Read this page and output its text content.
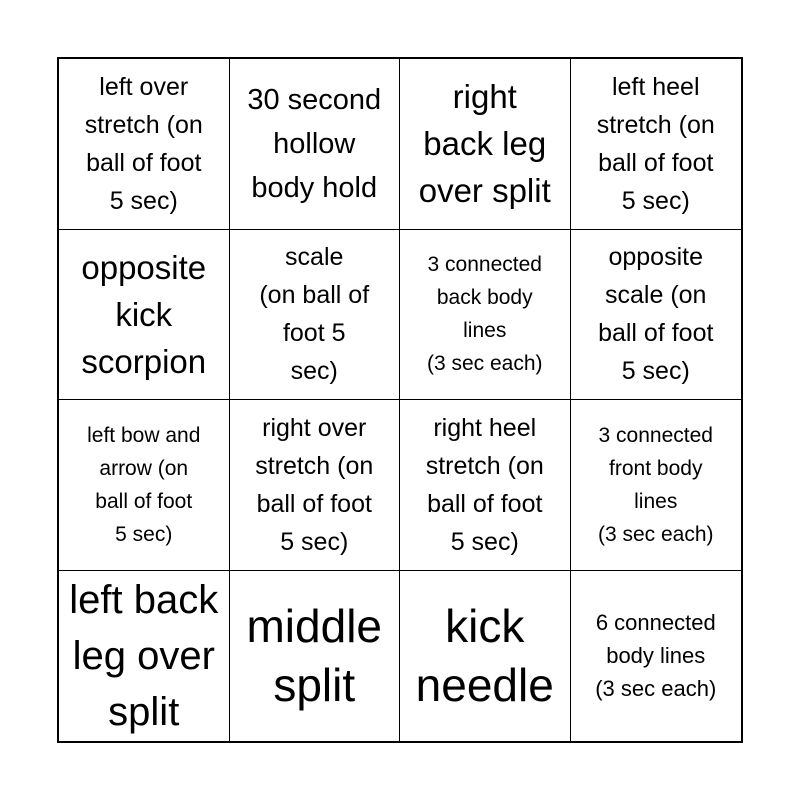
left over
stretch (on
ball of foot
5 sec)
30 second
hollow
body hold
right
back leg
over split
left heel
stretch (on
ball of foot
5 sec)
opposite
kick
scorpion
scale
(on ball of
foot 5
sec)
3 connected
back body
lines
(3 sec each)
opposite
scale (on
ball of foot
5 sec)
left bow and
arrow (on
ball of foot
5 sec)
right over
stretch (on
ball of foot
5 sec)
right heel
stretch (on
ball of foot
5 sec)
3 connected
front body
lines
(3 sec each)
left back
leg over
split
middle
split
kick
needle
6 connected
body lines
(3 sec each)
